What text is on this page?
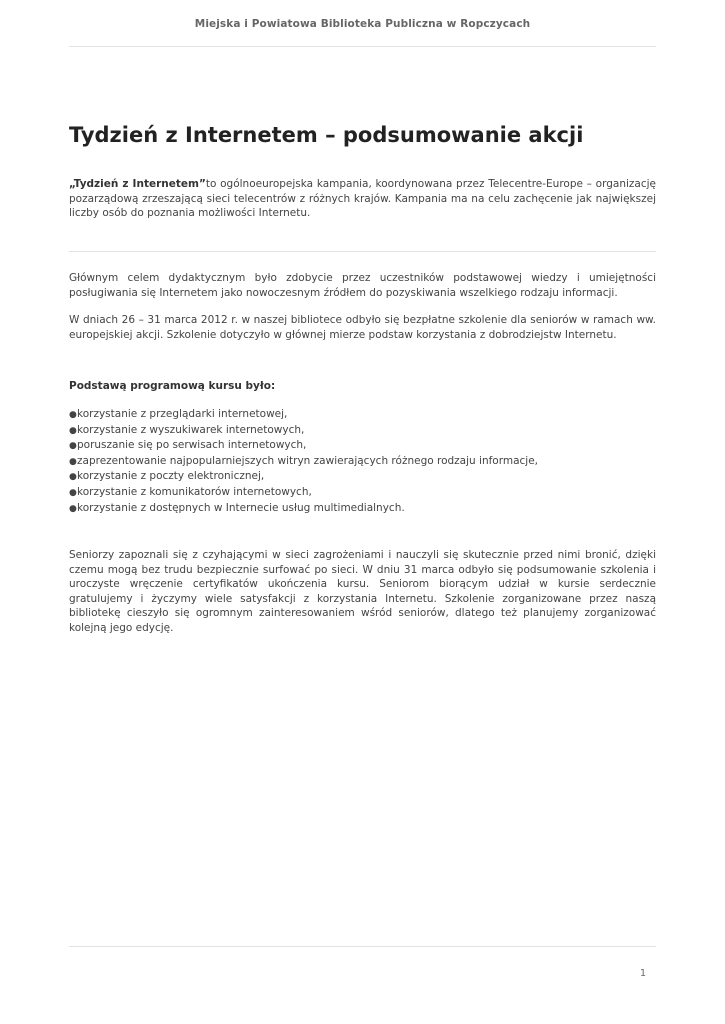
Miejska i Powiatowa Biblioteka Publiczna w Ropczycach
Tydzień z Internetem – podsumowanie akcji

„Tydzień z Internetem”to ogólnoeuropejska kampania, koordynowana przez Telecentre-Europe – organizację pozarządową zrzeszającą sieci telecentrów z różnych krajów. Kampania ma na celu zachęcenie jak największej liczby osób do poznania możliwości Internetu.

Głównym celem dydaktycznym było zdobycie przez uczestników podstawowej wiedzy i umiejętności posługiwania się Internetem jako nowoczesnym źródłem do pozyskiwania wszelkiego rodzaju informacji.

W dniach 26 – 31 marca 2012 r. w naszej bibliotece odbyło się bezpłatne szkolenie dla seniorów w ramach ww. europejskiej akcji. Szkolenie dotyczyło w głównej mierze podstaw korzystania z dobrodziejstw Internetu.

Podstawą programową kursu było:

●korzystanie z przeglądarki internetowej,
●korzystanie z wyszukiwarek internetowych,
●poruszanie się po serwisach internetowych,
●zaprezentowanie najpopularniejszych witryn zawierających różnego rodzaju informacje,
●korzystanie z poczty elektronicznej,
●korzystanie z komunikatorów internetowych,
●korzystanie z dostępnych w Internecie usług multimedialnych.

Seniorzy zapoznali się z czyhającymi w sieci zagrożeniami i nauczyli się skutecznie przed nimi bronić, dzięki czemu mogą bez trudu bezpiecznie surfować po sieci. W dniu 31 marca odbyło się podsumowanie szkolenia i uroczyste wręczenie certyfikatów ukończenia kursu. Seniorom biorącym udział w kursie serdecznie gratulujemy i życzymy wiele satysfakcji z korzystania Internetu. Szkolenie zorganizowane przez naszą bibliotekę cieszyło się ogromnym zainteresowaniem wśród seniorów, dlatego też planujemy zorganizować kolejną jego edycję.

1
